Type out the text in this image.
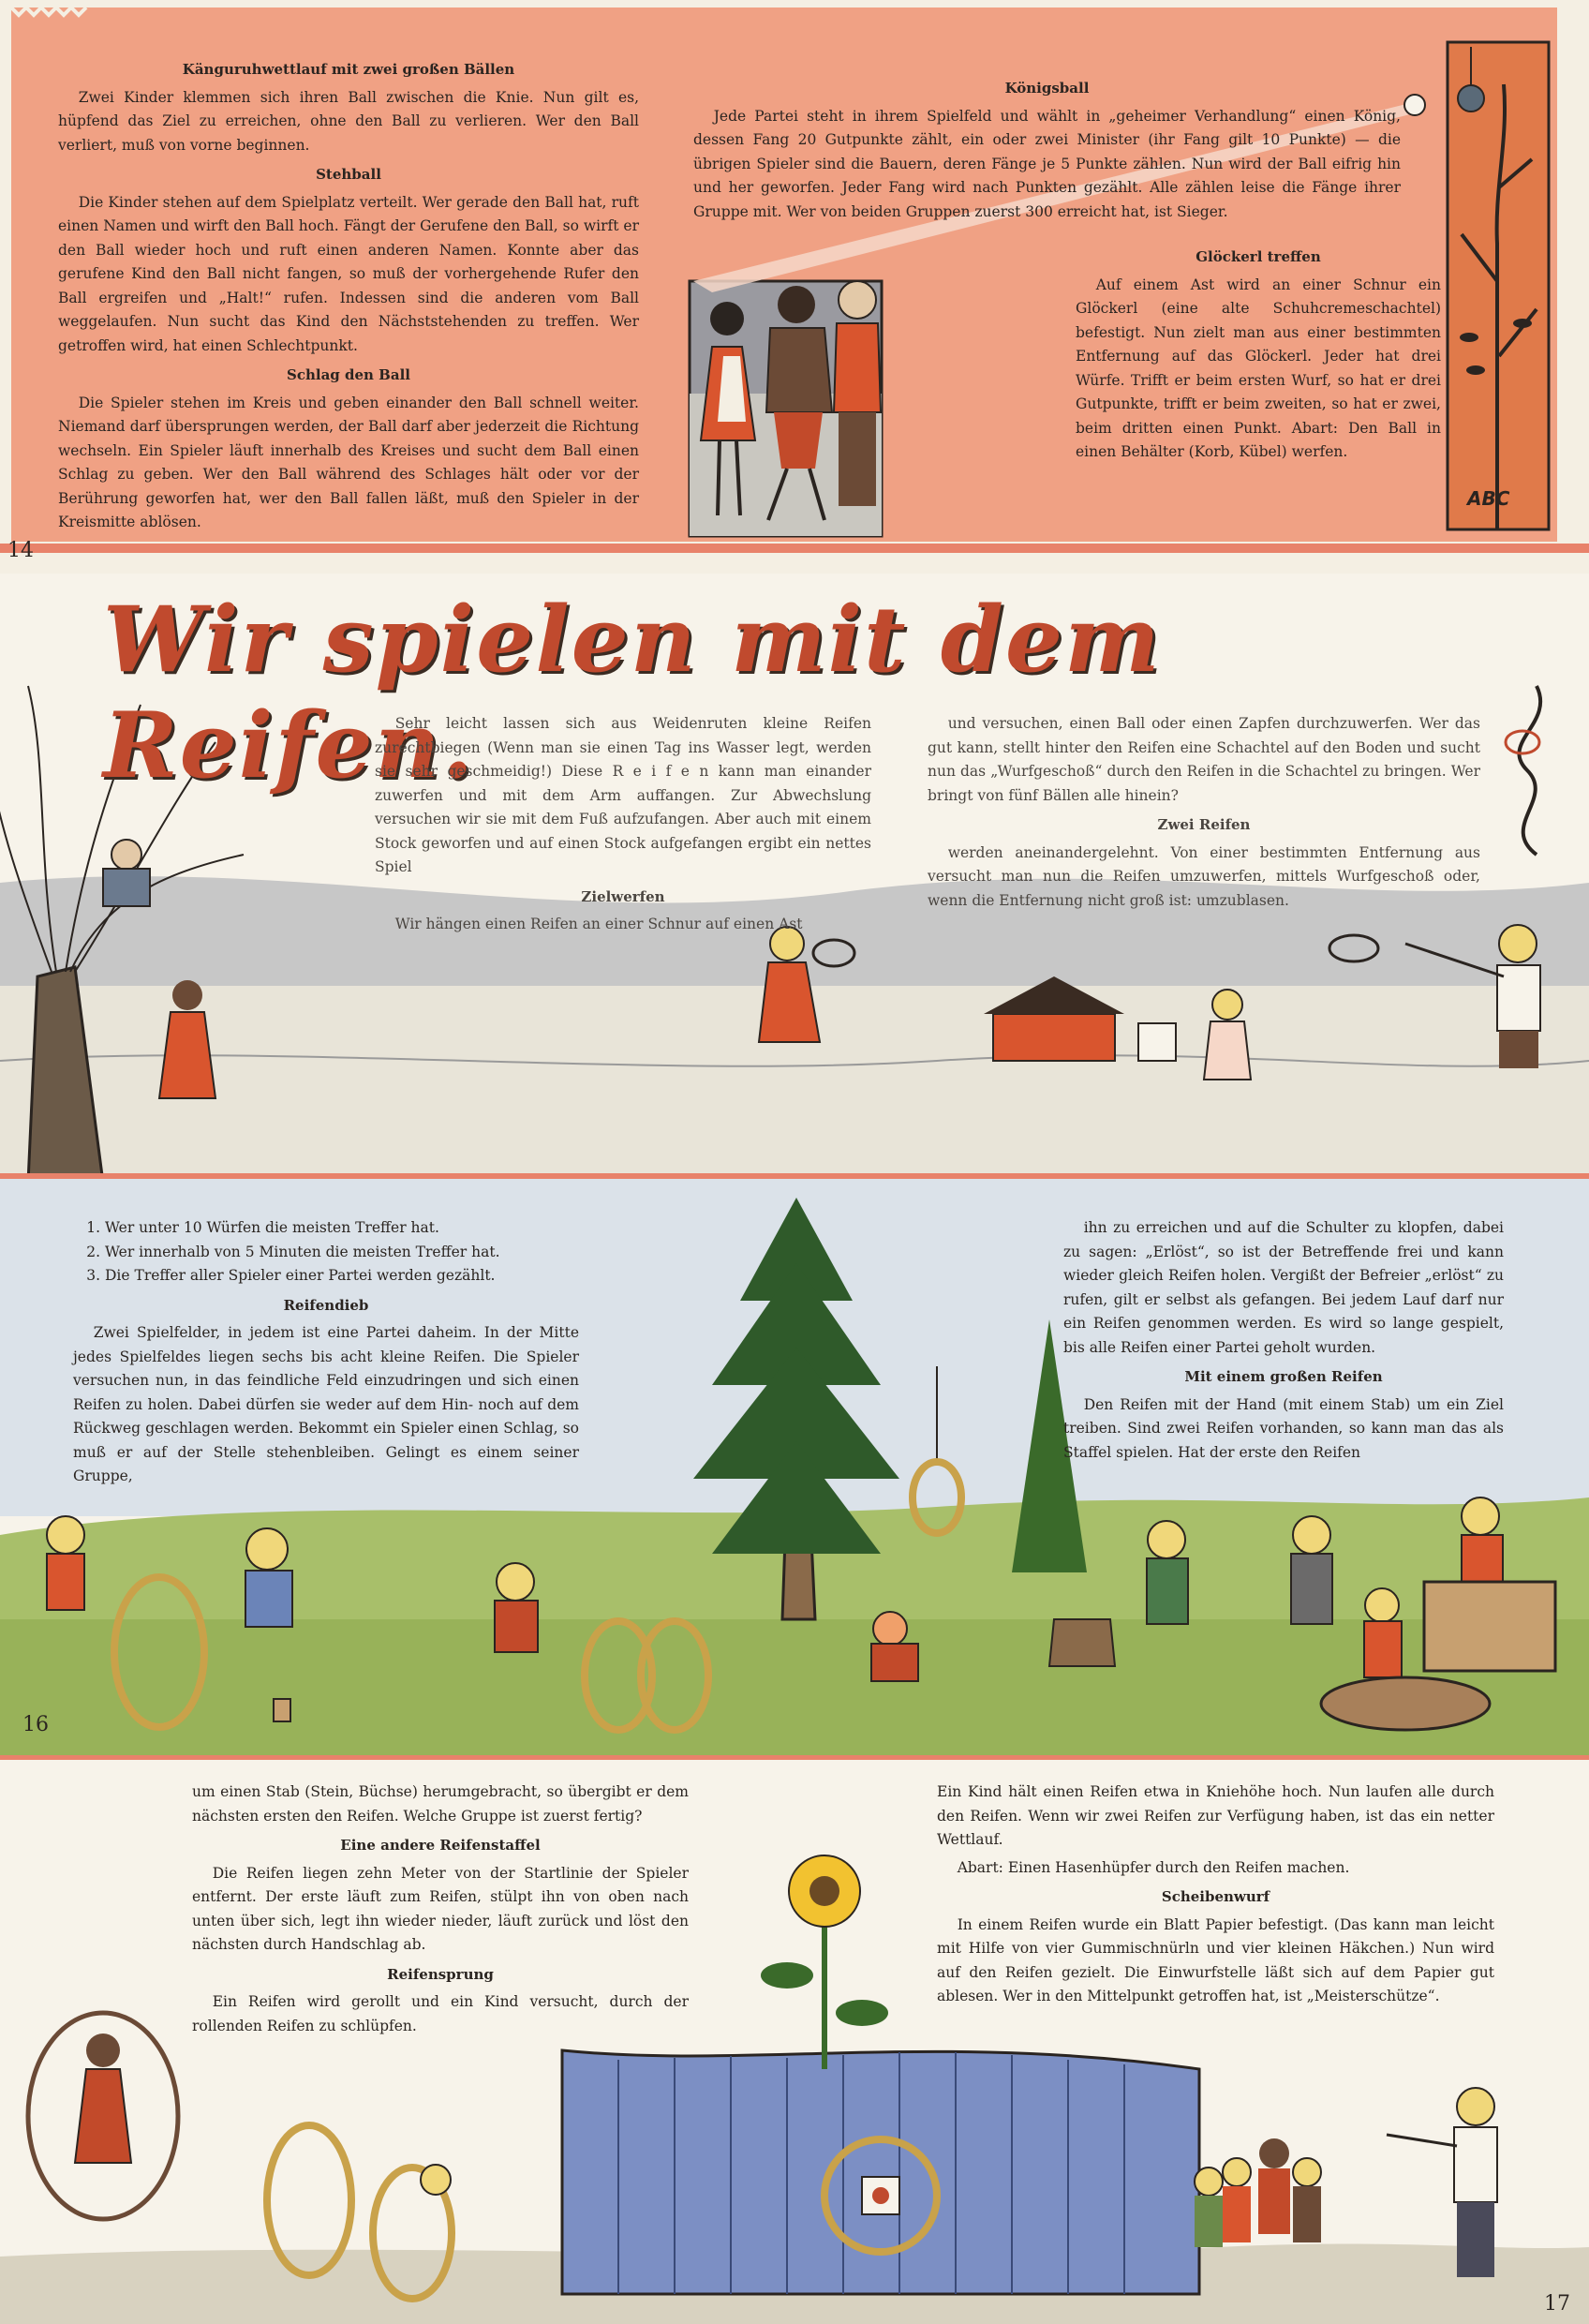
14
Känguruhwettlauf mit zwei großen Bällen

Zwei Kinder klemmen sich ihren Ball zwischen die Knie. Nun gilt es, hüpfend das Ziel zu erreichen, ohne den Ball zu verlieren. Wer den Ball verliert, muß von vorne beginnen.

Stehball

Die Kinder stehen auf dem Spielplatz verteilt. Wer gerade den Ball hat, ruft einen Namen und wirft den Ball hoch. Fängt der Gerufene den Ball, so wirft er den Ball wieder hoch und ruft einen anderen Namen. Konnte aber das gerufene Kind den Ball nicht fangen, so muß der vorhergehende Rufer den Ball ergreifen und „Halt!“ rufen. Indessen sind die anderen vom Ball weggelaufen. Nun sucht das Kind den Nächststehenden zu treffen. Wer getroffen wird, hat einen Schlechtpunkt.

Schlag den Ball

Die Spieler stehen im Kreis und geben einander den Ball schnell weiter. Niemand darf übersprungen werden, der Ball darf aber jederzeit die Richtung wechseln. Ein Spieler läuft innerhalb des Kreises und sucht dem Ball einen Schlag zu geben. Wer den Ball während des Schlages hält oder vor der Berührung geworfen hat, wer den Ball fallen läßt, muß den Spieler in der Kreismitte ablösen.

Königsball

Jede Partei steht in ihrem Spielfeld und wählt in „geheimer Verhandlung“ einen König, dessen Fang 20 Gutpunkte zählt, ein oder zwei Minister (ihr Fang gilt 10 Punkte) — die übrigen Spieler sind die Bauern, deren Fänge je 5 Punkte zählen. Nun wird der Ball eifrig hin und her geworfen. Jeder Fang wird nach Punkten gezählt. Alle zählen leise die Fänge ihrer Gruppe mit. Wer von beiden Gruppen zuerst 300 erreicht hat, ist Sieger.

Glöckerl treffen

Auf einem Ast wird an einer Schnur ein Glöckerl (eine alte Schuhcremeschachtel) befestigt. Nun zielt man aus einer bestimmten Entfernung auf das Glöckerl. Jeder hat drei Würfe. Trifft er beim ersten Wurf, so hat er drei Gutpunkte, trifft er beim zweiten, so hat er zwei, beim dritten einen Punkt. Abart: Den Ball in einen Behälter (Korb, Kübel) werfen.

ABC
Wir spielen mit dem Reifen.

Sehr leicht lassen sich aus Weidenruten kleine Reifen zurechtbiegen (Wenn man sie einen Tag ins Wasser legt, werden sie sehr geschmeidig!) Diese R e i f e n kann man einander zuwerfen und mit dem Arm auffangen. Zur Abwechslung versuchen wir sie mit dem Fuß aufzufangen. Aber auch mit einem Stock geworfen und auf einen Stock aufgefangen ergibt ein nettes Spiel

Zielwerfen

Wir hängen einen Reifen an einer Schnur auf einen Ast

und versuchen, einen Ball oder einen Zapfen durchzuwerfen. Wer das gut kann, stellt hinter den Reifen eine Schachtel auf den Boden und sucht nun das „Wurfgeschoß“ durch den Reifen in die Schachtel zu bringen. Wer bringt von fünf Bällen alle hinein?

Zwei Reifen

werden aneinandergelehnt. Von einer bestimmten Entfernung aus versucht man nun die Reifen umzuwerfen, mittels Wurfgeschoß oder, wenn die Entfernung nicht groß ist: umzublasen.

16
1. Wer unter 10 Würfen die meisten Treffer hat.
2. Wer innerhalb von 5 Minuten die meisten Treffer hat.
3. Die Treffer aller Spieler einer Partei werden gezählt.
Reifendieb

Zwei Spielfelder, in jedem ist eine Partei daheim. In der Mitte jedes Spielfeldes liegen sechs bis acht kleine Reifen. Die Spieler versuchen nun, in das feindliche Feld einzudringen und sich einen Reifen zu holen. Dabei dürfen sie weder auf dem Hin- noch auf dem Rückweg geschlagen werden. Bekommt ein Spieler einen Schlag, so muß er auf der Stelle stehenbleiben. Gelingt es einem seiner Gruppe,

ihn zu erreichen und auf die Schulter zu klopfen, dabei zu sagen: „Erlöst“, so ist der Betreffende frei und kann wieder gleich Reifen holen. Vergißt der Befreier „erlöst“ zu rufen, gilt er selbst als gefangen. Bei jedem Lauf darf nur ein Reifen genommen werden. Es wird so lange gespielt, bis alle Reifen einer Partei geholt wurden.

Mit einem großen Reifen

Den Reifen mit der Hand (mit einem Stab) um ein Ziel treiben. Sind zwei Reifen vorhanden, so kann man das als Staffel spielen. Hat der erste den Reifen

17

um einen Stab (Stein, Büchse) herumgebracht, so übergibt er dem nächsten ersten den Reifen. Welche Gruppe ist zuerst fertig?

Eine andere Reifenstaffel

Die Reifen liegen zehn Meter von der Startlinie der Spieler entfernt. Der erste läuft zum Reifen, stülpt ihn von oben nach unten über sich, legt ihn wieder nieder, läuft zurück und löst den nächsten durch Handschlag ab.

Reifensprung

Ein Reifen wird gerollt und ein Kind versucht, durch der rollenden Reifen zu schlüpfen.

Ein Kind hält einen Reifen etwa in Kniehöhe hoch. Nun laufen alle durch den Reifen. Wenn wir zwei Reifen zur Verfügung haben, ist das ein netter Wettlauf.

Abart: Einen Hasenhüpfer durch den Reifen machen.

Scheibenwurf

In einem Reifen wurde ein Blatt Papier befestigt. (Das kann man leicht mit Hilfe von vier Gummischnürln und vier kleinen Häkchen.) Nun wird auf den Reifen gezielt. Die Einwurfstelle läßt sich auf dem Papier gut ablesen. Wer in den Mittelpunkt getroffen hat, ist „Meisterschütze“.
